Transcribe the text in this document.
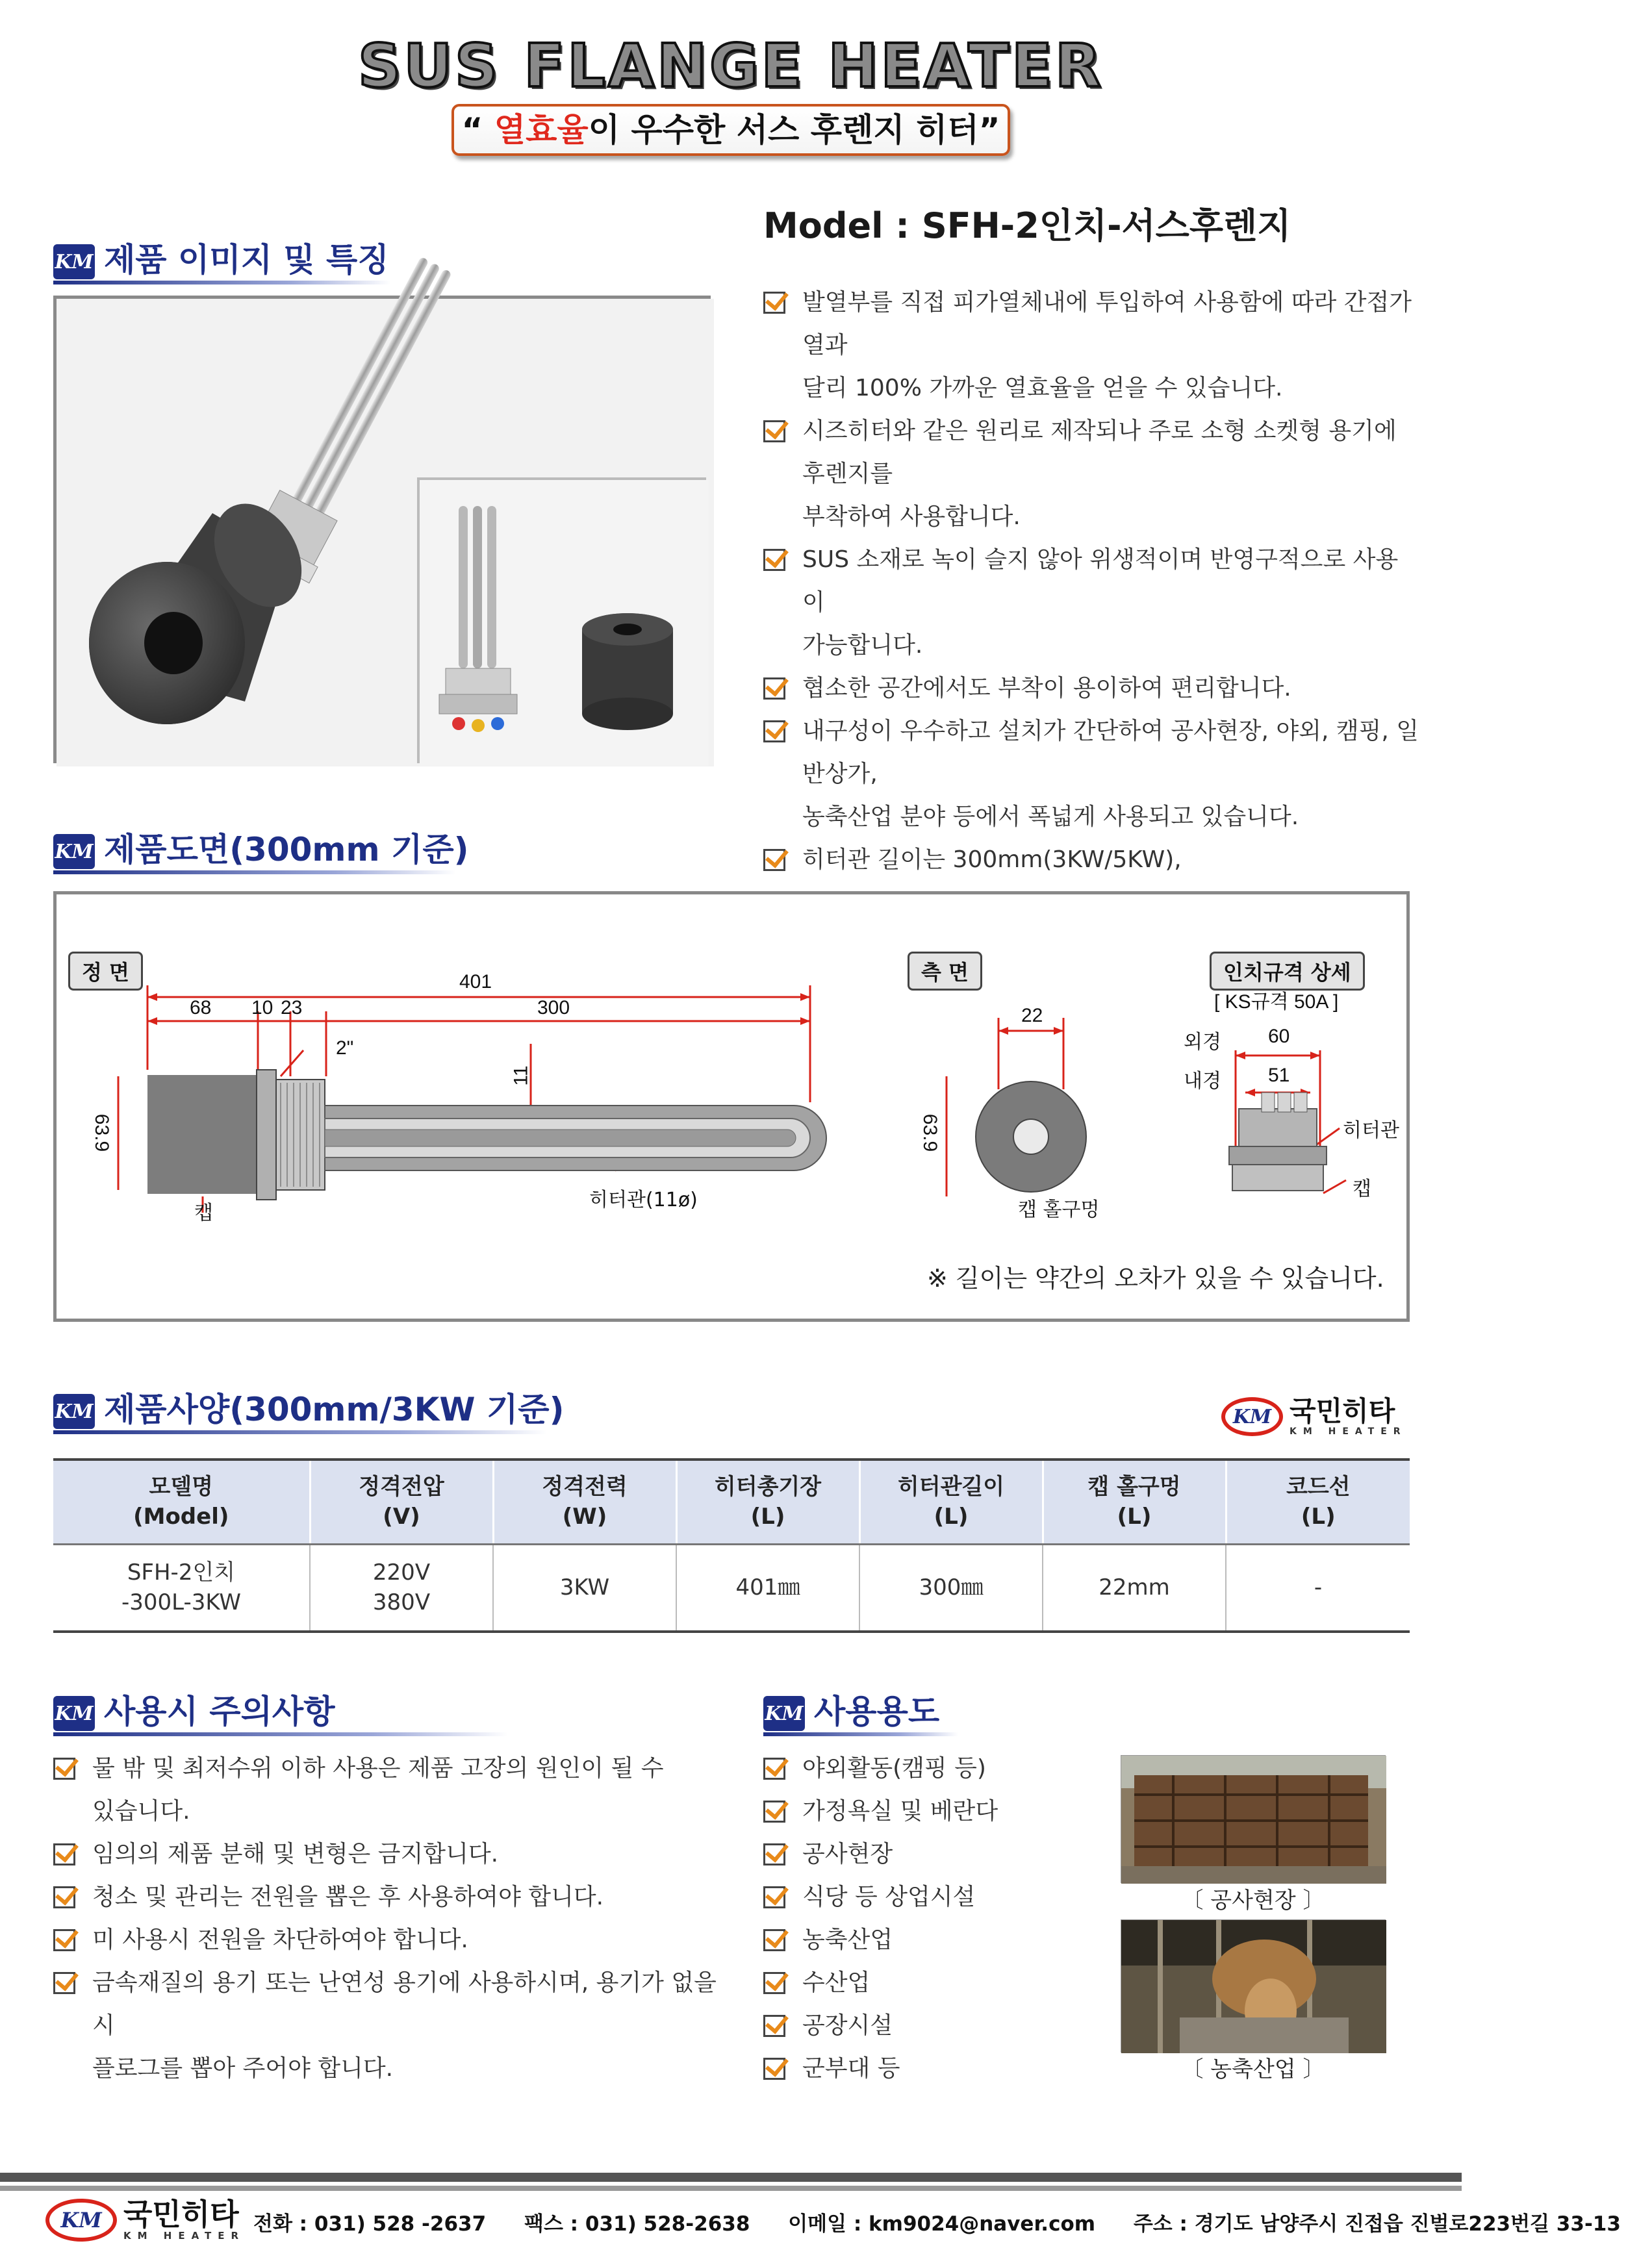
SUS FLANGE HEATER
“ 열효율이 우수한 서스 후렌지 히터”
KM 제품 이미지 및 특징
Model : SFH-2인치-서스후렌지
발열부를 직접 피가열체내에 투입하여 사용함에 따라 간접가열과
달리 100% 가까운 열효율을 얻을 수 있습니다.
시즈히터와 같은 원리로 제작되나 주로 소형 소켓형 용기에 후렌지를
부착하여 사용합니다.
SUS 소재로 녹이 슬지 않아 위생적이며 반영구적으로 사용이
가능합니다.
협소한 공간에서도 부착이 용이하여 편리합니다.
내구성이 우수하고 설치가 간단하여 공사현장, 야외, 캠핑, 일반상가,
농축산업 분야 등에서 폭넓게 사용되고 있습니다.
히터관 길이는 300mm(3KW/5KW),

KM 제품도면(300mm 기준)
정 면	측 면	인치규격 상세
[ KS규격 50A ]
401
68 10 23	300
2"
11
63.9
캡
히터관(11ø)
22
63.9
캡 홀구멍
외경 60
내경 51
히터관
캡
※ 길이는 약간의 오차가 있을 수 있습니다.
KM 제품사양(300mm/3KW 기준)	KM 국민히타
KM HEATER
모델명
(Model)	정격전압
(V)	정격전력
(W)	히터총기장
(L)	히터관길이
(L)	캡 홀구멍
(L)	코드선
(L)
SFH-2인치
-300L-3KW	220V
380V	3KW	401㎜	300㎜	22mm	-
KM 사용시 주의사항
물 밖 및 최저수위 이하 사용은 제품 고장의 원인이 될 수
있습니다.
임의의 제품 분해 및 변형은 금지합니다.
청소 및 관리는 전원을 뽑은 후 사용하여야 합니다.
미 사용시 전원을 차단하여야 합니다.
금속재질의 용기 또는 난연성 용기에 사용하시며, 용기가 없을시
플로그를 뽑아 주어야 합니다.
KM 사용용도
야외활동(캠핑 등)
가정욕실 및 베란다
공사현장
식당 등 상업시설
농축산업
수산업
공장시설
군부대 등
〔 공사현장 〕
〔 농축산업 〕
KM 국민히타
KM HEATER 전화 : 031) 528 -2637 팩스 : 031) 528-2638 이메일 : km9024@naver.com 주소 : 경기도 남양주시 진접읍 진벌로223번길 33-13
